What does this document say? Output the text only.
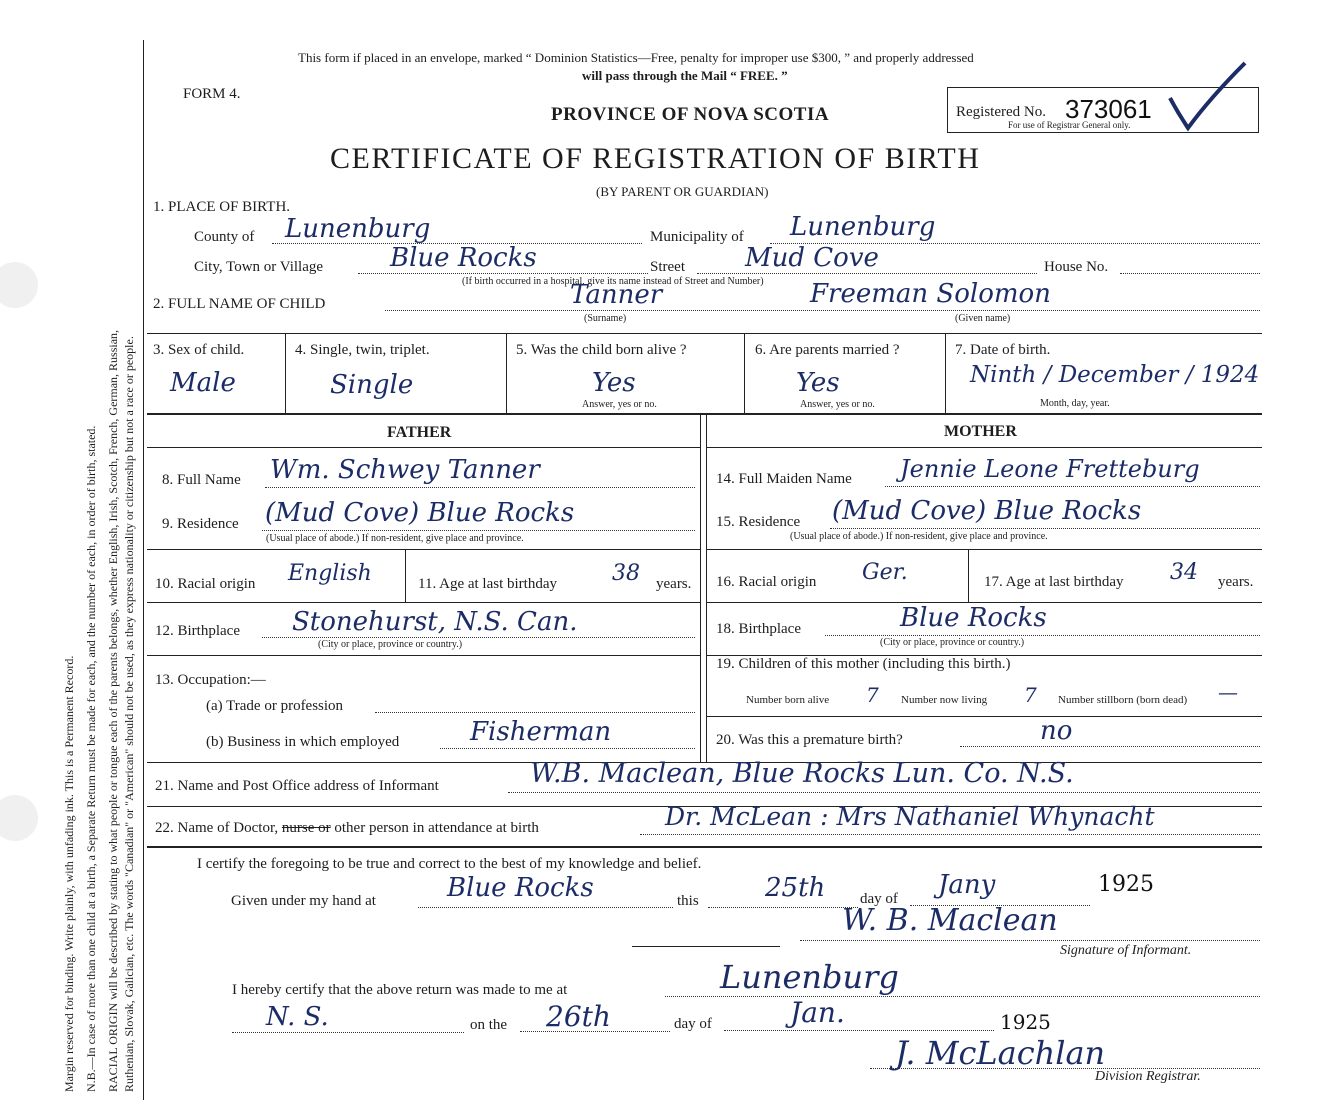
Margin reserved for binding. Write plainly, with unfading ink. This is a Permanent Record. N.B.—In case of more than one child at a birth, a Separate Return must be made for each, and the number of each, in order of birth, stated. RACIAL ORIGIN will be described by stating to what people or tongue each of the parents belongs, whether English, Irish, Scotch, French, German, Russian, Ruthenian, Slovak, Galician, etc. The words "Canadian" or "American" should not be used, as they express nationality or citizenship but not a race or people.
This form if placed in an envelope, marked “ Dominion Statistics—Free, penalty for improper use $300, ” and properly addressed
will pass through the Mail “ FREE. ”
FORM 4.
PROVINCE OF NOVA SCOTIA	Registered No. 373061
For use of Registrar General only.
CERTIFICATE OF REGISTRATION OF BIRTH
(BY PARENT OR GUARDIAN)
1. PLACE OF BIRTH.
County of Lunenburg	Municipality of Lunenburg
City, Town or Village	Blue Rocks	Street Mud Cove	House No.
(If birth occurred in a hospital, give its name instead of Street and Number)
2. FULL NAME OF CHILD	Tanner	Freeman Solomon
(Surname)	(Given name)
3. Sex of child.
Male
4. Single, twin, triplet.
Single
5. Was the child born alive ?
Yes
Answer, yes or no.
6. Are parents married ?
Yes
Answer, yes or no.
7. Date of birth.
Ninth / December / 1924
Month, day, year.
FATHER	MOTHER
8. Full Name Wm. Schwey Tanner
9. Residence (Mud Cove) Blue Rocks
(Usual place of abode.) If non-resident, give place and province.
10. Racial origin English	11. Age at last birthday	38 years.
12. Birthplace Stonehurst, N.S. Can.
(City or place, province or country.)
13. Occupation:—
(a) Trade or profession
(b) Business in which employed	Fisherman
14. Full Maiden Name Jennie Leone Fretteburg
15. Residence (Mud Cove) Blue Rocks
(Usual place of abode.) If non-resident, give place and province.
16. Racial origin Ger.	17. Age at last birthday 34 years.
18. Birthplace	Blue Rocks
(City or place, province or country.)
19. Children of this mother (including this birth.)
Number born alive 7 Number now living 7 Number stillborn (born dead) —
20. Was this a premature birth?	no
21. Name and Post Office address of Informant	W.B. Maclean, Blue Rocks Lun. Co. N.S.
22. Name of Doctor, nurse or other person in attendance at birth	Dr. McLean : Mrs Nathaniel Whynacht
I certify the foregoing to be true and correct to the best of my knowledge and belief.
Given under my hand at	Blue Rocks	this	25th day of Jany	1925
W. B. Maclean
Signature of Informant.
I hereby certify that the above return was made to me at	Lunenburg
N. S.	on the 26th	day of	Jan.	1925
J. McLachlan
Division Registrar.
